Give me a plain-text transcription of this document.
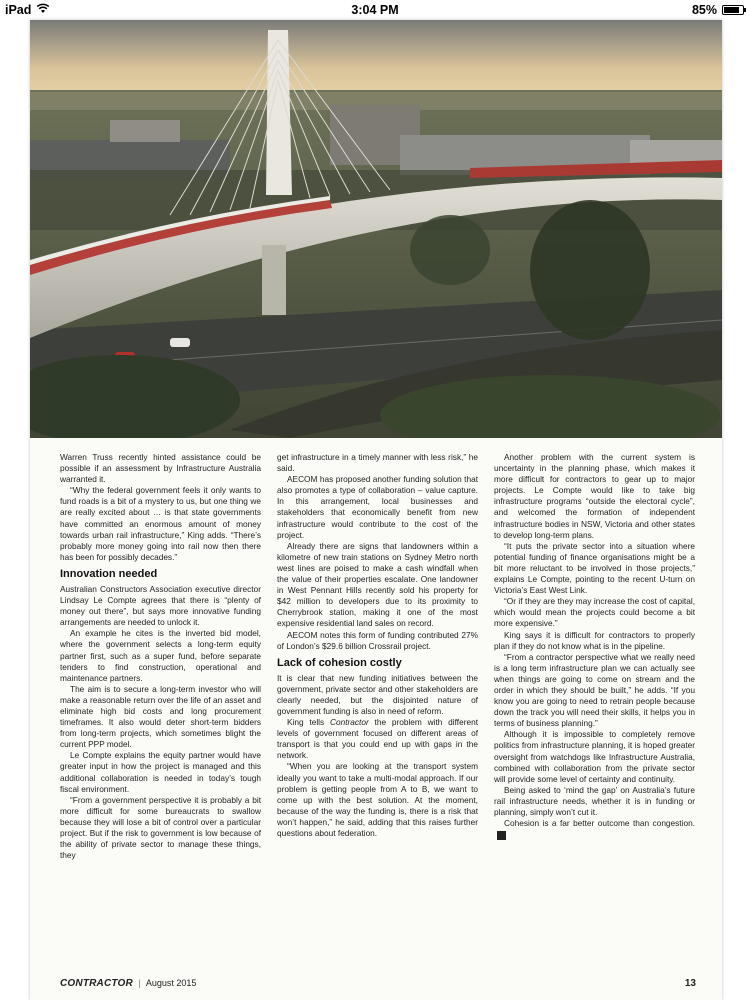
iPad	3:04 PM	85%

Warren Truss recently hinted assistance could be possible if an assessment by Infrastructure Australia warranted it.

“Why the federal government feels it only wants to fund roads is a bit of a mystery to us, but one thing we are really excited about … is that state governments have committed an enormous amount of money towards urban rail infrastructure,” King adds. “There’s probably more money going into rail now then there has been for possibly decades.”

Innovation needed

Australian Constructors Association executive director Lindsay Le Compte agrees that there is “plenty of money out there”, but says more innovative funding arrangements are needed to unlock it.

An example he cites is the inverted bid model, where the government selects a long-term equity partner first, such as a super fund, before separate tenders to find construction, operational and maintenance partners.

The aim is to secure a long-term investor who will make a reasonable return over the life of an asset and eliminate high bid costs and long procurement timeframes. It also would deter short-term bidders from long-term projects, which sometimes blight the current PPP model.

Le Compte explains the equity partner would have greater input in how the project is managed and this additional collaboration is needed in today’s tough fiscal environment.

“From a government perspective it is probably a bit more difficult for some bureaucrats to swallow because they will lose a bit of control over a particular project. But if the risk to government is low because of the ability of private sector to manage these things, they

get infrastructure in a timely manner with less risk,” he said.

AECOM has proposed another funding solution that also promotes a type of collaboration – value capture. In this arrangement, local businesses and stakeholders that economically benefit from new infrastructure would contribute to the cost of the project.

Already there are signs that landowners within a kilometre of new train stations on Sydney Metro north west lines are poised to make a cash windfall when the value of their properties escalate. One landowner in West Pennant Hills recently sold his property for $42 million to developers due to its proximity to Cherrybrook station, making it one of the most expensive residential land sales on record.

AECOM notes this form of funding contributed 27% of London’s $29.6 billion Crossrail project.

Lack of cohesion costly

It is clear that new funding initiatives between the government, private sector and other stakeholders are clearly needed, but the disjointed nature of government funding is also in need of reform.

King tells Contractor the problem with different levels of government focused on different areas of transport is that you could end up with gaps in the network.

“When you are looking at the transport system ideally you want to take a multi-modal approach. If our problem is getting people from A to B, we want to come up with the best solution. At the moment, because of the way the funding is, there is a risk that won’t happen,” he said, adding that this raises further questions about federation.

Another problem with the current system is uncertainty in the planning phase, which makes it more difficult for contractors to gear up to major projects. Le Compte would like to take big infrastructure programs “outside the electoral cycle”, and welcomed the formation of independent infrastructure bodies in NSW, Victoria and other states to develop long-term plans.

“It puts the private sector into a situation where potential funding of finance organisations might be a bit more reluctant to be involved in those projects,” explains Le Compte, pointing to the recent U-turn on Victoria’s East West Link.

“Or if they are they may increase the cost of capital, which would mean the projects could become a bit more expensive.”

King says it is difficult for contractors to properly plan if they do not know what is in the pipeline.

“From a contractor perspective what we really need is a long term infrastructure plan we can actually see when things are going to come on stream and the order in which they should be built,” he adds. “If you know you are going to need to retrain people because down the track you will need their skills, it helps you in terms of business planning.”

Although it is impossible to completely remove politics from infrastructure planning, it is hoped greater oversight from watchdogs like Infrastructure Australia, combined with collaboration from the private sector will provide some level of certainty and continuity.

Being asked to ‘mind the gap’ on Australia’s future rail infrastructure needs, whether it is in funding or planning, simply won’t cut it.

Cohesion is a far better outcome than congestion.C

CONTRACTOR | August 2015	13
